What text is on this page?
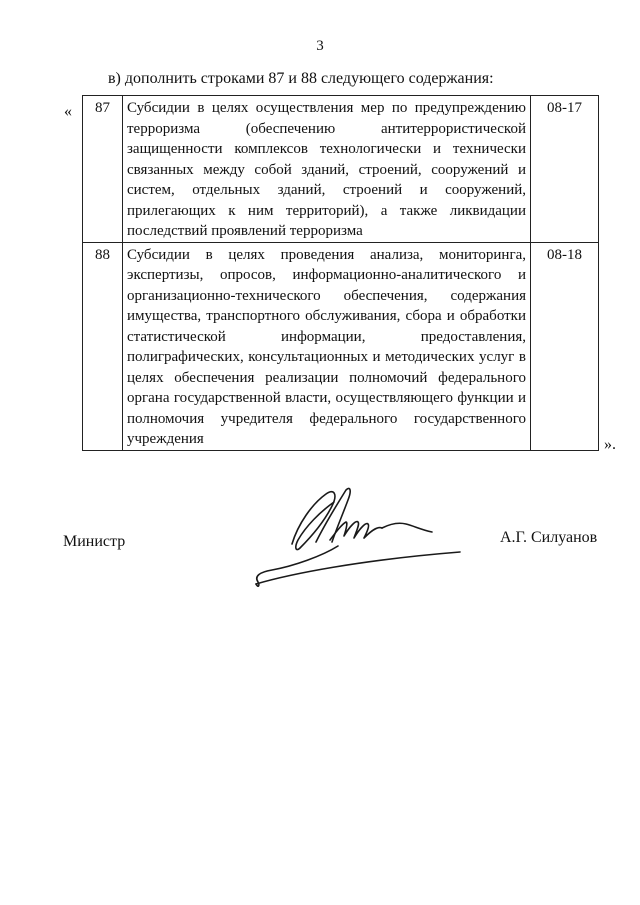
3
в) дополнить строками 87 и 88 следующего содержания:
« 87	Субсидии в целях осуществления мер по предупреждению терроризма (обеспечению антитеррористической защищенности комплексов технологически и технически связанных между собой зданий, строений, сооружений и систем, отдельных зданий, строений и сооружений, прилегающих к ним территорий), а также ликвидации последствий проявлений терроризма	08-17
88	Субсидии в целях проведения анализа, мониторинга, экспертизы, опросов, информационно-аналитического и организационно-технического обеспечения, содержания имущества, транспортного обслуживания, сбора и обработки статистической информации, предоставления, полиграфических, консультационных и методических услуг в целях обеспечения реализации полномочий федерального органа государственной власти, осуществляющего функции и полномочия учредителя федерального государственного учреждения	08-18
».
Министр	А.Г. Силуанов
